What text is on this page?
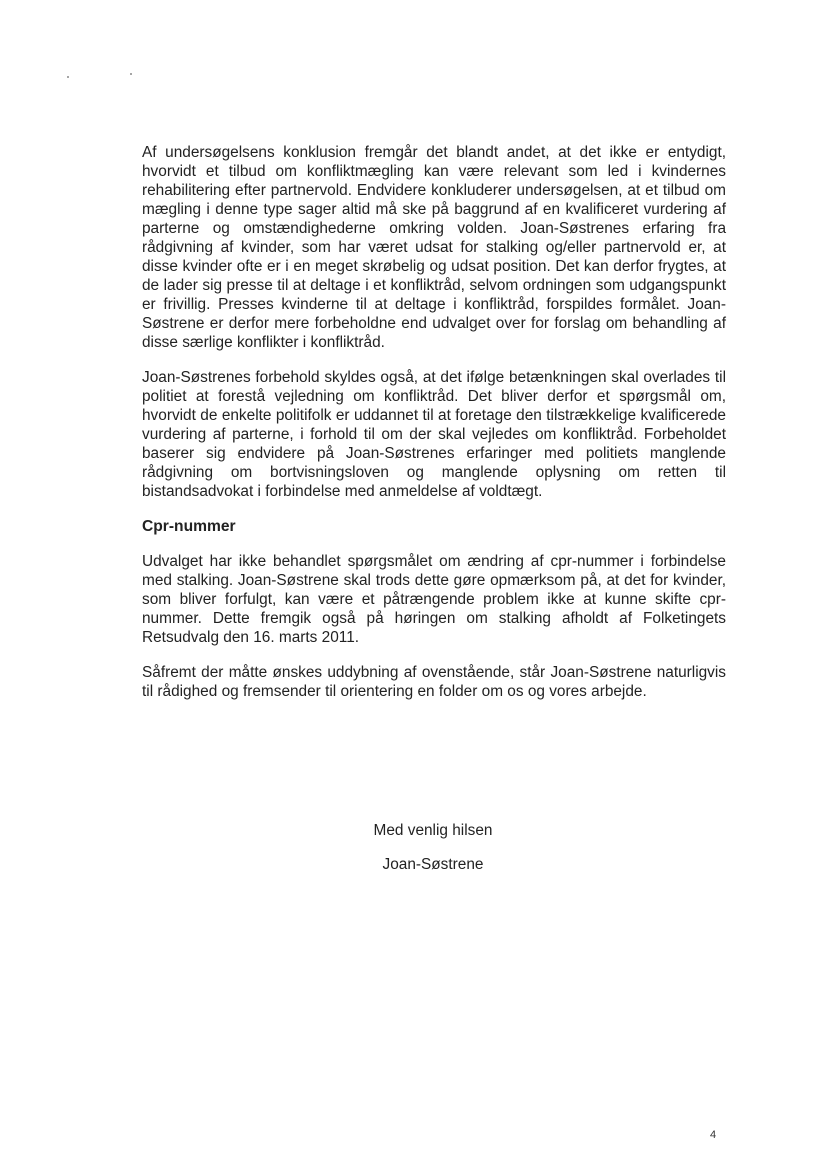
Af undersøgelsens konklusion fremgår det blandt andet, at det ikke er entydigt, hvorvidt et tilbud om konfliktmægling kan være relevant som led i kvindernes rehabilitering efter partnervold. Endvidere konkluderer undersøgelsen, at et tilbud om mægling i denne type sager altid må ske på baggrund af en kvalificeret vurdering af parterne og omstændighederne omkring volden. Joan-Søstrenes erfaring fra rådgivning af kvinder, som har været udsat for stalking og/eller partnervold er, at disse kvinder ofte er i en meget skrøbelig og udsat position. Det kan derfor frygtes, at de lader sig presse til at deltage i et konfliktråd, selvom ordningen som udgangspunkt er frivillig. Presses kvinderne til at deltage i konfliktråd, forspildes formålet. Joan-Søstrene er derfor mere forbeholdne end udvalget over for forslag om behandling af disse særlige konflikter i konfliktråd.

Joan-Søstrenes forbehold skyldes også, at det ifølge betænkningen skal overlades til politiet at forestå vejledning om konfliktråd. Det bliver derfor et spørgsmål om, hvorvidt de enkelte politifolk er uddannet til at foretage den tilstrækkelige kvalificerede vurdering af parterne, i forhold til om der skal vejledes om konfliktråd. Forbeholdet baserer sig endvidere på Joan-Søstrenes erfaringer med politiets manglende rådgivning om bortvisningsloven og manglende oplysning om retten til bistandsadvokat i forbindelse med anmeldelse af voldtægt.

Cpr-nummer

Udvalget har ikke behandlet spørgsmålet om ændring af cpr-nummer i forbindelse med stalking. Joan-Søstrene skal trods dette gøre opmærksom på, at det for kvinder, som bliver forfulgt, kan være et påtrængende problem ikke at kunne skifte cpr-nummer. Dette fremgik også på høringen om stalking afholdt af Folketingets Retsudvalg den 16. marts 2011.

Såfremt der måtte ønskes uddybning af ovenstående, står Joan-Søstrene naturligvis til rådighed og fremsender til orientering en folder om os og vores arbejde.

Med venlig hilsen
Joan-Søstrene
4
